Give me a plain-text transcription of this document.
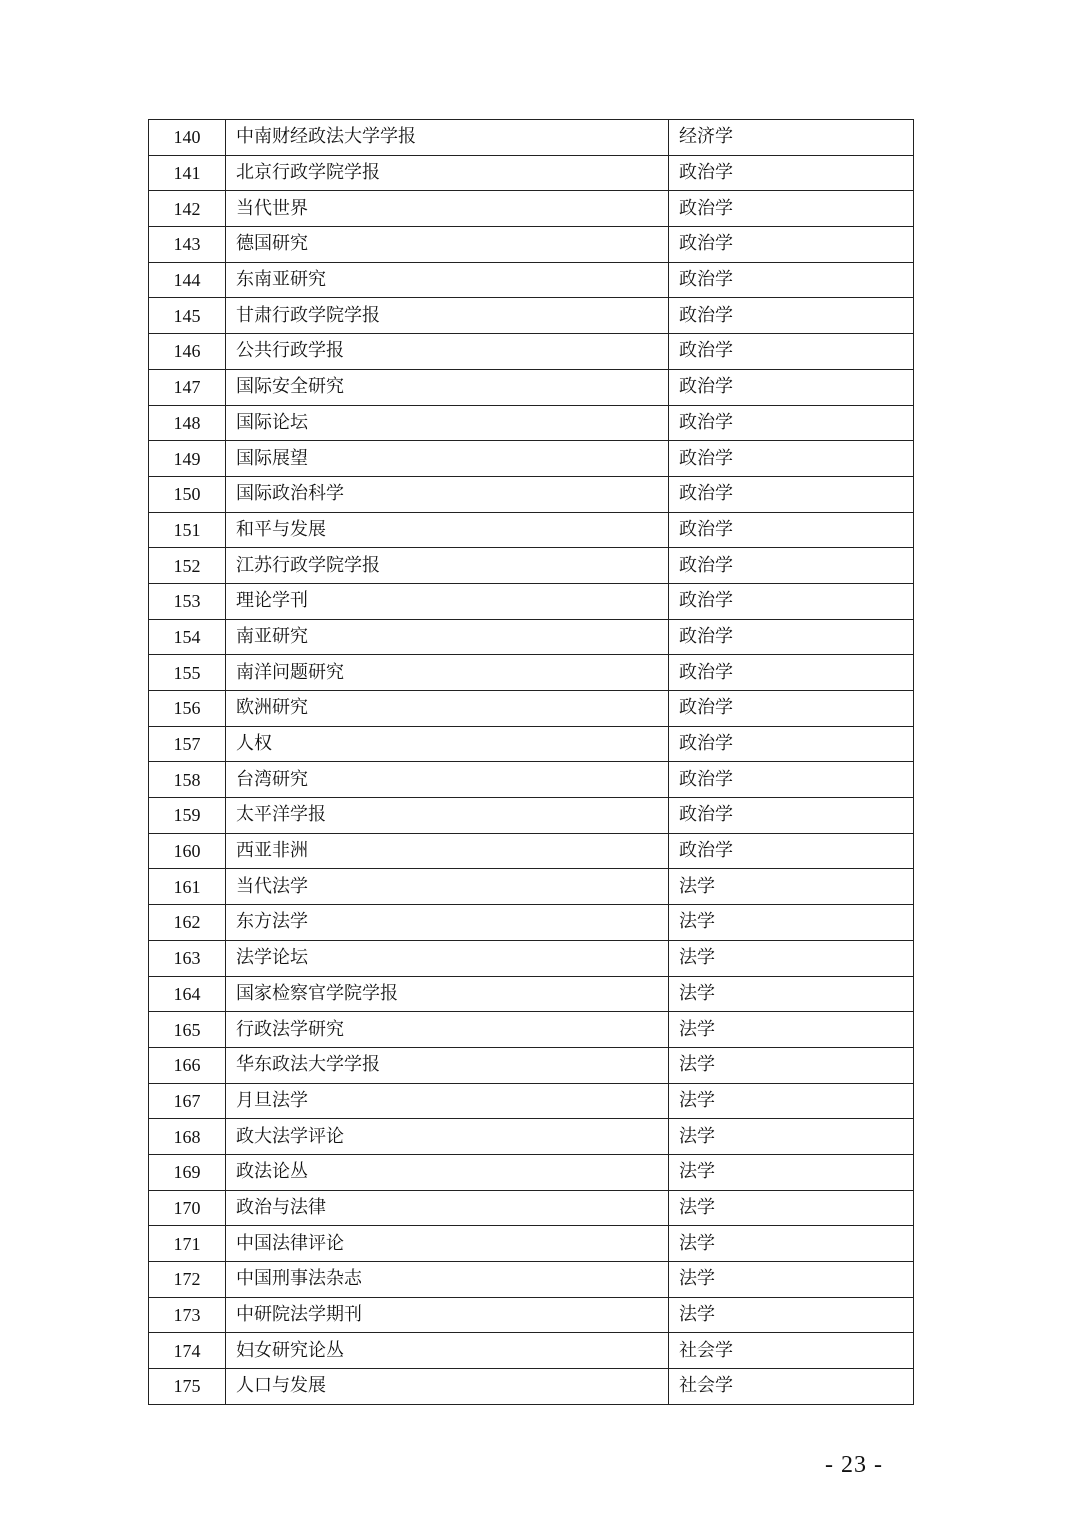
140	中南财经政法大学学报	经济学
141	北京行政学院学报	政治学
142	当代世界	政治学
143	德国研究	政治学
144	东南亚研究	政治学
145	甘肃行政学院学报	政治学
146	公共行政学报	政治学
147	国际安全研究	政治学
148	国际论坛	政治学
149	国际展望	政治学
150	国际政治科学	政治学
151	和平与发展	政治学
152	江苏行政学院学报	政治学
153	理论学刊	政治学
154	南亚研究	政治学
155	南洋问题研究	政治学
156	欧洲研究	政治学
157	人权	政治学
158	台湾研究	政治学
159	太平洋学报	政治学
160	西亚非洲	政治学
161	当代法学	法学
162	东方法学	法学
163	法学论坛	法学
164	国家检察官学院学报	法学
165	行政法学研究	法学
166	华东政法大学学报	法学
167	月旦法学	法学
168	政大法学评论	法学
169	政法论丛	法学
170	政治与法律	法学
171	中国法律评论	法学
172	中国刑事法杂志	法学
173	中研院法学期刊	法学
174	妇女研究论丛	社会学
175	人口与发展	社会学
- 23 -
